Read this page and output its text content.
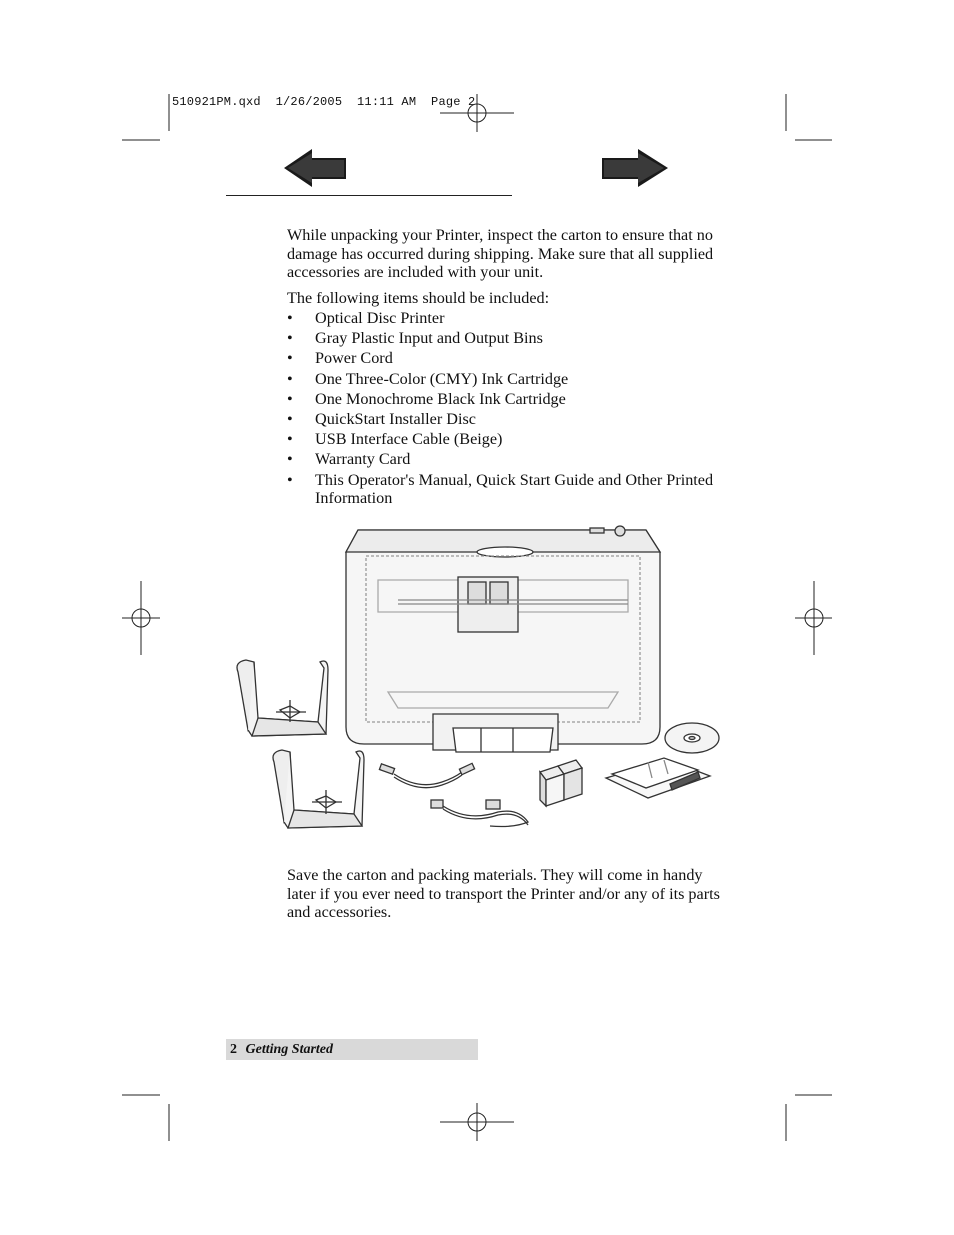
510921PM.qxd  1/26/2005  11:11 AM  Page 2
While unpacking your Printer, inspect the carton to ensure that no damage has occurred during shipping. Make sure that all supplied accessories are included with your unit.
The following items should be included:
• Optical Disc Printer
• Gray Plastic Input and Output Bins
• Power Cord
• One Three-Color (CMY) Ink Cartridge
• One Monochrome Black Ink Cartridge
• QuickStart Installer Disc
• USB Interface Cable (Beige)
• Warranty Card
• This Operator's Manual, Quick Start Guide and Other Printed Information
Save the carton and packing materials. They will come in handy later if you ever need to transport the Printer and/or any of its parts and accessories.
2 Getting Started
